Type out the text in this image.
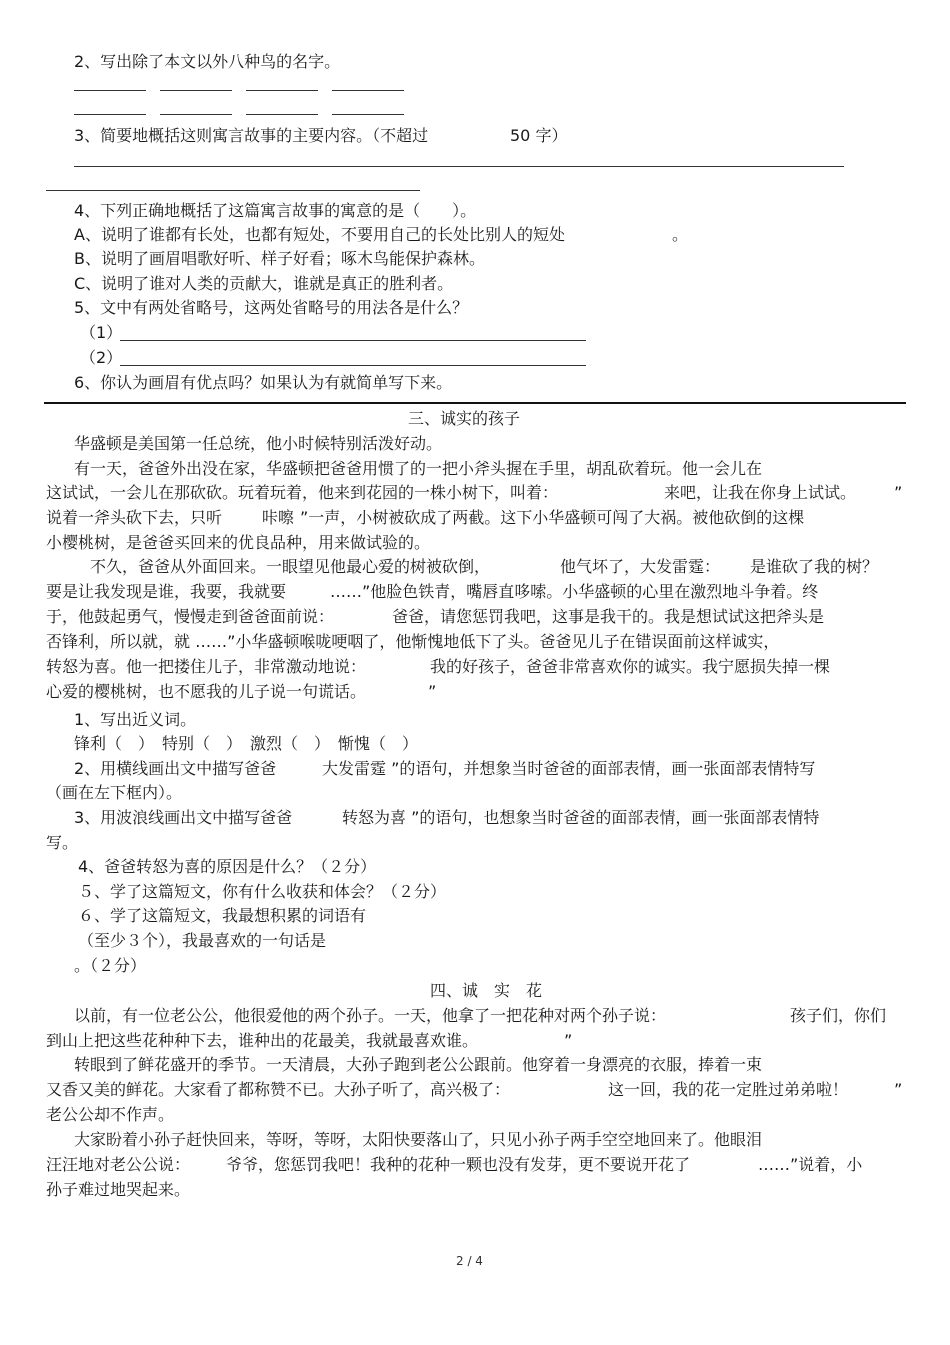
2、写出除了本文以外八种鸟的名字。
3、简要地概括这则寓言故事的主要内容。（不超过	50 字）
4、下列正确地概括了这篇寓言故事的寓意的是（　　）。
A、说明了谁都有长处，也都有短处，不要用自己的长处比别人的短处	。
B、说明了画眉唱歌好听、样子好看；啄木鸟能保护森林。
C、说明了谁对人类的贡献大，谁就是真正的胜利者。
5、文中有两处省略号，这两处省略号的用法各是什么？
（1）
（2）
6、你认为画眉有优点吗？如果认为有就简单写下来。
三、诚实的孩子
华盛顿是美国第一任总统，他小时候特别活泼好动。
有一天，爸爸外出没在家，华盛顿把爸爸用惯了的一把小斧头握在手里，胡乱砍着玩。他一会儿在
这试试，一会儿在那砍砍。玩着玩着，他来到花园的一株小树下，叫着：	来吧，让我在你身上试试。 ”
说着一斧头砍下去，只听 咔嚓 ”一声，小树被砍成了两截。这下小华盛顿可闯了大祸。被他砍倒的这棵
小樱桃树，是爸爸买回来的优良品种，用来做试验的。
不久，爸爸从外面回来。一眼望见他最心爱的树被砍倒，	他气坏了，大发雷霆： 是谁砍了我的树？
要是让我发现是谁，我要，我就要	……”他脸色铁青，嘴唇直哆嗦。小华盛顿的心里在激烈地斗争着。终
于，他鼓起勇气，慢慢走到爸爸面前说：	爸爸，请您惩罚我吧，这事是我干的。我是想试试这把斧头是
否锋利，所以就，就 ……”小华盛顿喉咙哽咽了，他惭愧地低下了头。爸爸见儿子在错误面前这样诚实，
转怒为喜。他一把搂住儿子，非常激动地说：	我的好孩子，爸爸非常喜欢你的诚实。我宁愿损失掉一棵
心爱的樱桃树，也不愿我的儿子说一句谎话。	”
1、写出近义词。
锋利（　）　特别（　）　激烈（　）　惭愧（　）
2、用横线画出文中描写爸爸	大发雷霆 ”的语句，并想象当时爸爸的面部表情，画一张面部表情特写
（画在左下框内）。
3、用波浪线画出文中描写爸爸	转怒为喜 ”的语句，也想象当时爸爸的面部表情，画一张面部表情特
写。
4、爸爸转怒为喜的原因是什么？（２分）
５、学了这篇短文，你有什么收获和体会？（２分）
６、学了这篇短文，我最想积累的词语有
（至少３个），我最喜欢的一句话是
。（２分）
四、诚　实　花
以前，有一位老公公，他很爱他的两个孙子。一天，他拿了一把花种对两个孙子说：	孩子们，你们
到山上把这些花种种下去，谁种出的花最美，我就最喜欢谁。	”
转眼到了鲜花盛开的季节。一天清晨，大孙子跑到老公公跟前。他穿着一身漂亮的衣服，捧着一束
又香又美的鲜花。大家看了都称赞不已。大孙子听了，高兴极了：	这一回，我的花一定胜过弟弟啦！	”
老公公却不作声。
大家盼着小孙子赶快回来，等呀，等呀，太阳快要落山了，只见小孙子两手空空地回来了。他眼泪
汪汪地对老公公说： 爷爷，您惩罚我吧！我种的花种一颗也没有发芽，更不要说开花了	……”说着，小
孙子难过地哭起来。
2 / 4
